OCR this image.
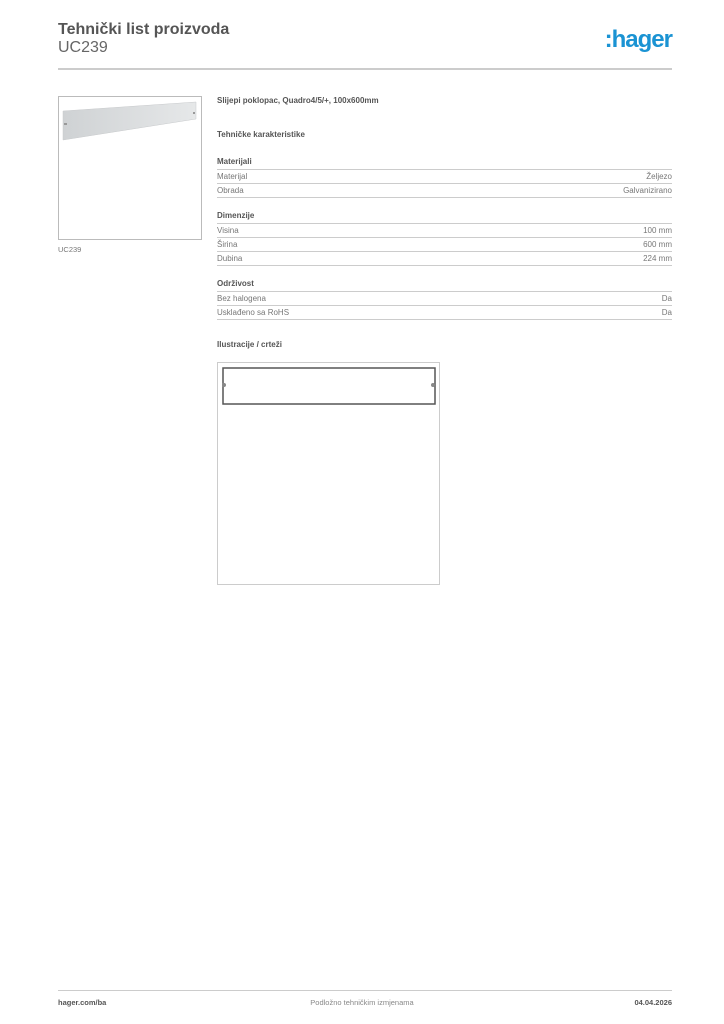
Tehnički list proizvoda
UC239	:hager
UC239
Slijepi poklopac, Quadro4/5/+, 100x600mm
Tehničke karakteristike
Materijali
Materijal	Željezo
Obrada	Galvanizirano
Dimenzije
Visina	100 mm
Širina	600 mm
Dubina	224 mm
Održivost
Bez halogena	Da
Usklađeno sa RoHS	Da
Ilustracije / crteži
Podložno tehničkim izmjenama
hager.com/ba	04.04.2026
